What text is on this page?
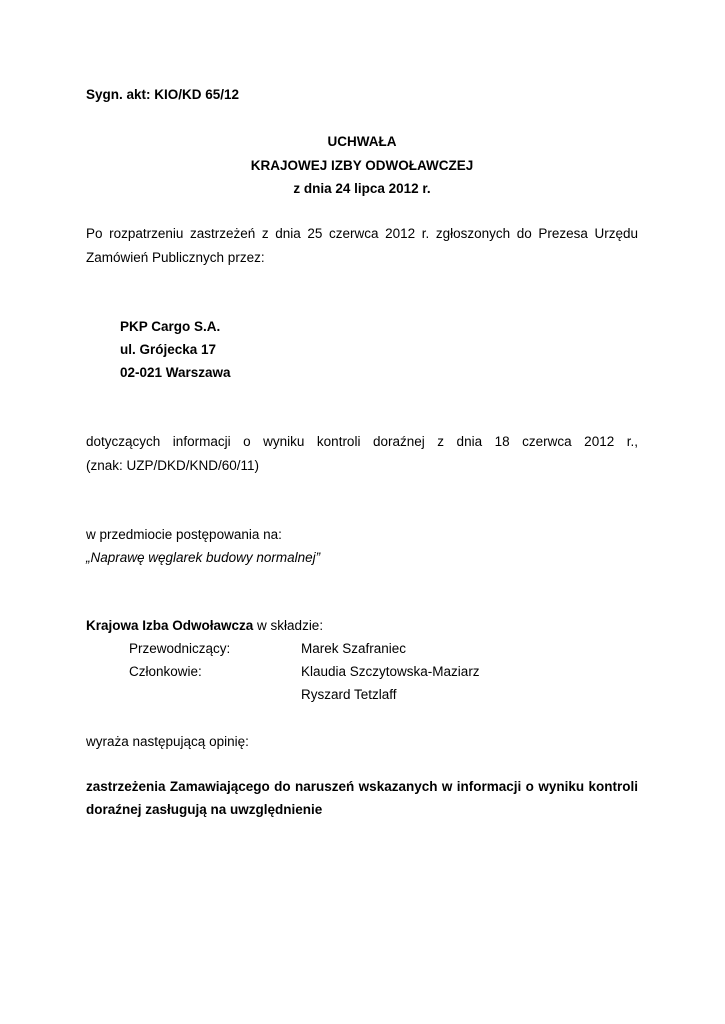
Sygn. akt: KIO/KD 65/12
UCHWAŁA
KRAJOWEJ IZBY ODWOŁAWCZEJ
z dnia 24 lipca 2012 r.
Po rozpatrzeniu zastrzeżeń z dnia 25 czerwca 2012 r. zgłoszonych do Prezesa Urzędu
Zamówień Publicznych przez:
PKP Cargo S.A.
ul. Grójecka 17
02-021 Warszawa
dotyczących informacji o wyniku kontroli doraźnej z dnia 18 czerwca 2012 r.,
(znak: UZP/DKD/KND/60/11)
w przedmiocie postępowania na:
„Naprawę węglarek budowy normalnej”
Krajowa Izba Odwoławcza w składzie:
Przewodniczący:	Marek Szafraniec
Członkowie:	Klaudia Szczytowska-Maziarz
Ryszard Tetzlaff
wyraża następującą opinię:
zastrzeżenia Zamawiającego do naruszeń wskazanych w informacji o wyniku kontroli
doraźnej zasługują na uwzględnienie
